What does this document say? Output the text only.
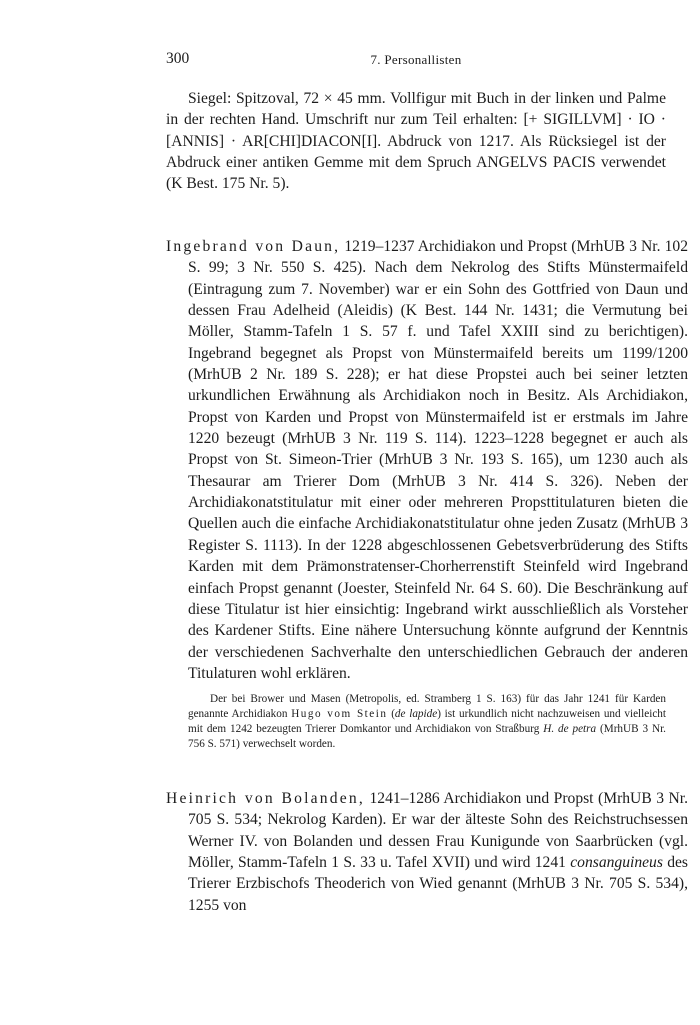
300	7. Personallisten

Siegel: Spitzoval, 72 × 45 mm. Vollfigur mit Buch in der linken und Palme in der rechten Hand. Umschrift nur zum Teil erhalten: [+ SIGILLVM] · IO · [ANNIS] · AR[CHI]DIACON[I]. Abdruck von 1217. Als Rücksiegel ist der Abdruck einer antiken Gemme mit dem Spruch ANGELVS PACIS verwendet (K Best. 175 Nr. 5).

Ingebrand von Daun, 1219–1237 Archidiakon und Propst (MrhUB 3 Nr. 102 S. 99; 3 Nr. 550 S. 425). Nach dem Nekrolog des Stifts Münstermaifeld (Eintragung zum 7. November) war er ein Sohn des Gottfried von Daun und dessen Frau Adelheid (Aleidis) (K Best. 144 Nr. 1431; die Vermutung bei Möller, Stamm-Tafeln 1 S. 57 f. und Tafel XXIII sind zu berichtigen). Ingebrand begegnet als Propst von Münstermaifeld bereits um 1199/1200 (MrhUB 2 Nr. 189 S. 228); er hat diese Propstei auch bei seiner letzten urkundlichen Erwähnung als Archidiakon noch in Besitz. Als Archidiakon, Propst von Karden und Propst von Münstermaifeld ist er erstmals im Jahre 1220 bezeugt (MrhUB 3 Nr. 119 S. 114). 1223–1228 begegnet er auch als Propst von St. Simeon-Trier (MrhUB 3 Nr. 193 S. 165), um 1230 auch als Thesaurar am Trierer Dom (MrhUB 3 Nr. 414 S. 326). Neben der Archidiakonatstitulatur mit einer oder mehreren Propsttitulaturen bieten die Quellen auch die einfache Archidiakonatstitulatur ohne jeden Zusatz (MrhUB 3 Register S. 1113). In der 1228 abgeschlossenen Gebetsverbrüderung des Stifts Karden mit dem Prämonstratenser-Chorherrenstift Steinfeld wird Ingebrand einfach Propst genannt (Joester, Steinfeld Nr. 64 S. 60). Die Beschränkung auf diese Titulatur ist hier einsichtig: Ingebrand wirkt ausschließlich als Vorsteher des Kardener Stifts. Eine nähere Untersuchung könnte aufgrund der Kenntnis der verschiedenen Sachverhalte den unterschiedlichen Gebrauch der anderen Titulaturen wohl erklären.

Der bei Brower und Masen (Metropolis, ed. Stramberg 1 S. 163) für das Jahr 1241 für Karden genannte Archidiakon Hugo vom Stein (de lapide) ist urkundlich nicht nachzuweisen und vielleicht mit dem 1242 bezeugten Trierer Domkantor und Archidiakon von Straßburg H. de petra (MrhUB 3 Nr. 756 S. 571) verwechselt worden.

Heinrich von Bolanden, 1241–1286 Archidiakon und Propst (MrhUB 3 Nr. 705 S. 534; Nekrolog Karden). Er war der älteste Sohn des Reichstruchsessen Werner IV. von Bolanden und dessen Frau Kunigunde von Saarbrücken (vgl. Möller, Stamm-Tafeln 1 S. 33 u. Tafel XVII) und wird 1241 consanguineus des Trierer Erzbischofs Theoderich von Wied genannt (MrhUB 3 Nr. 705 S. 534), 1255 von
